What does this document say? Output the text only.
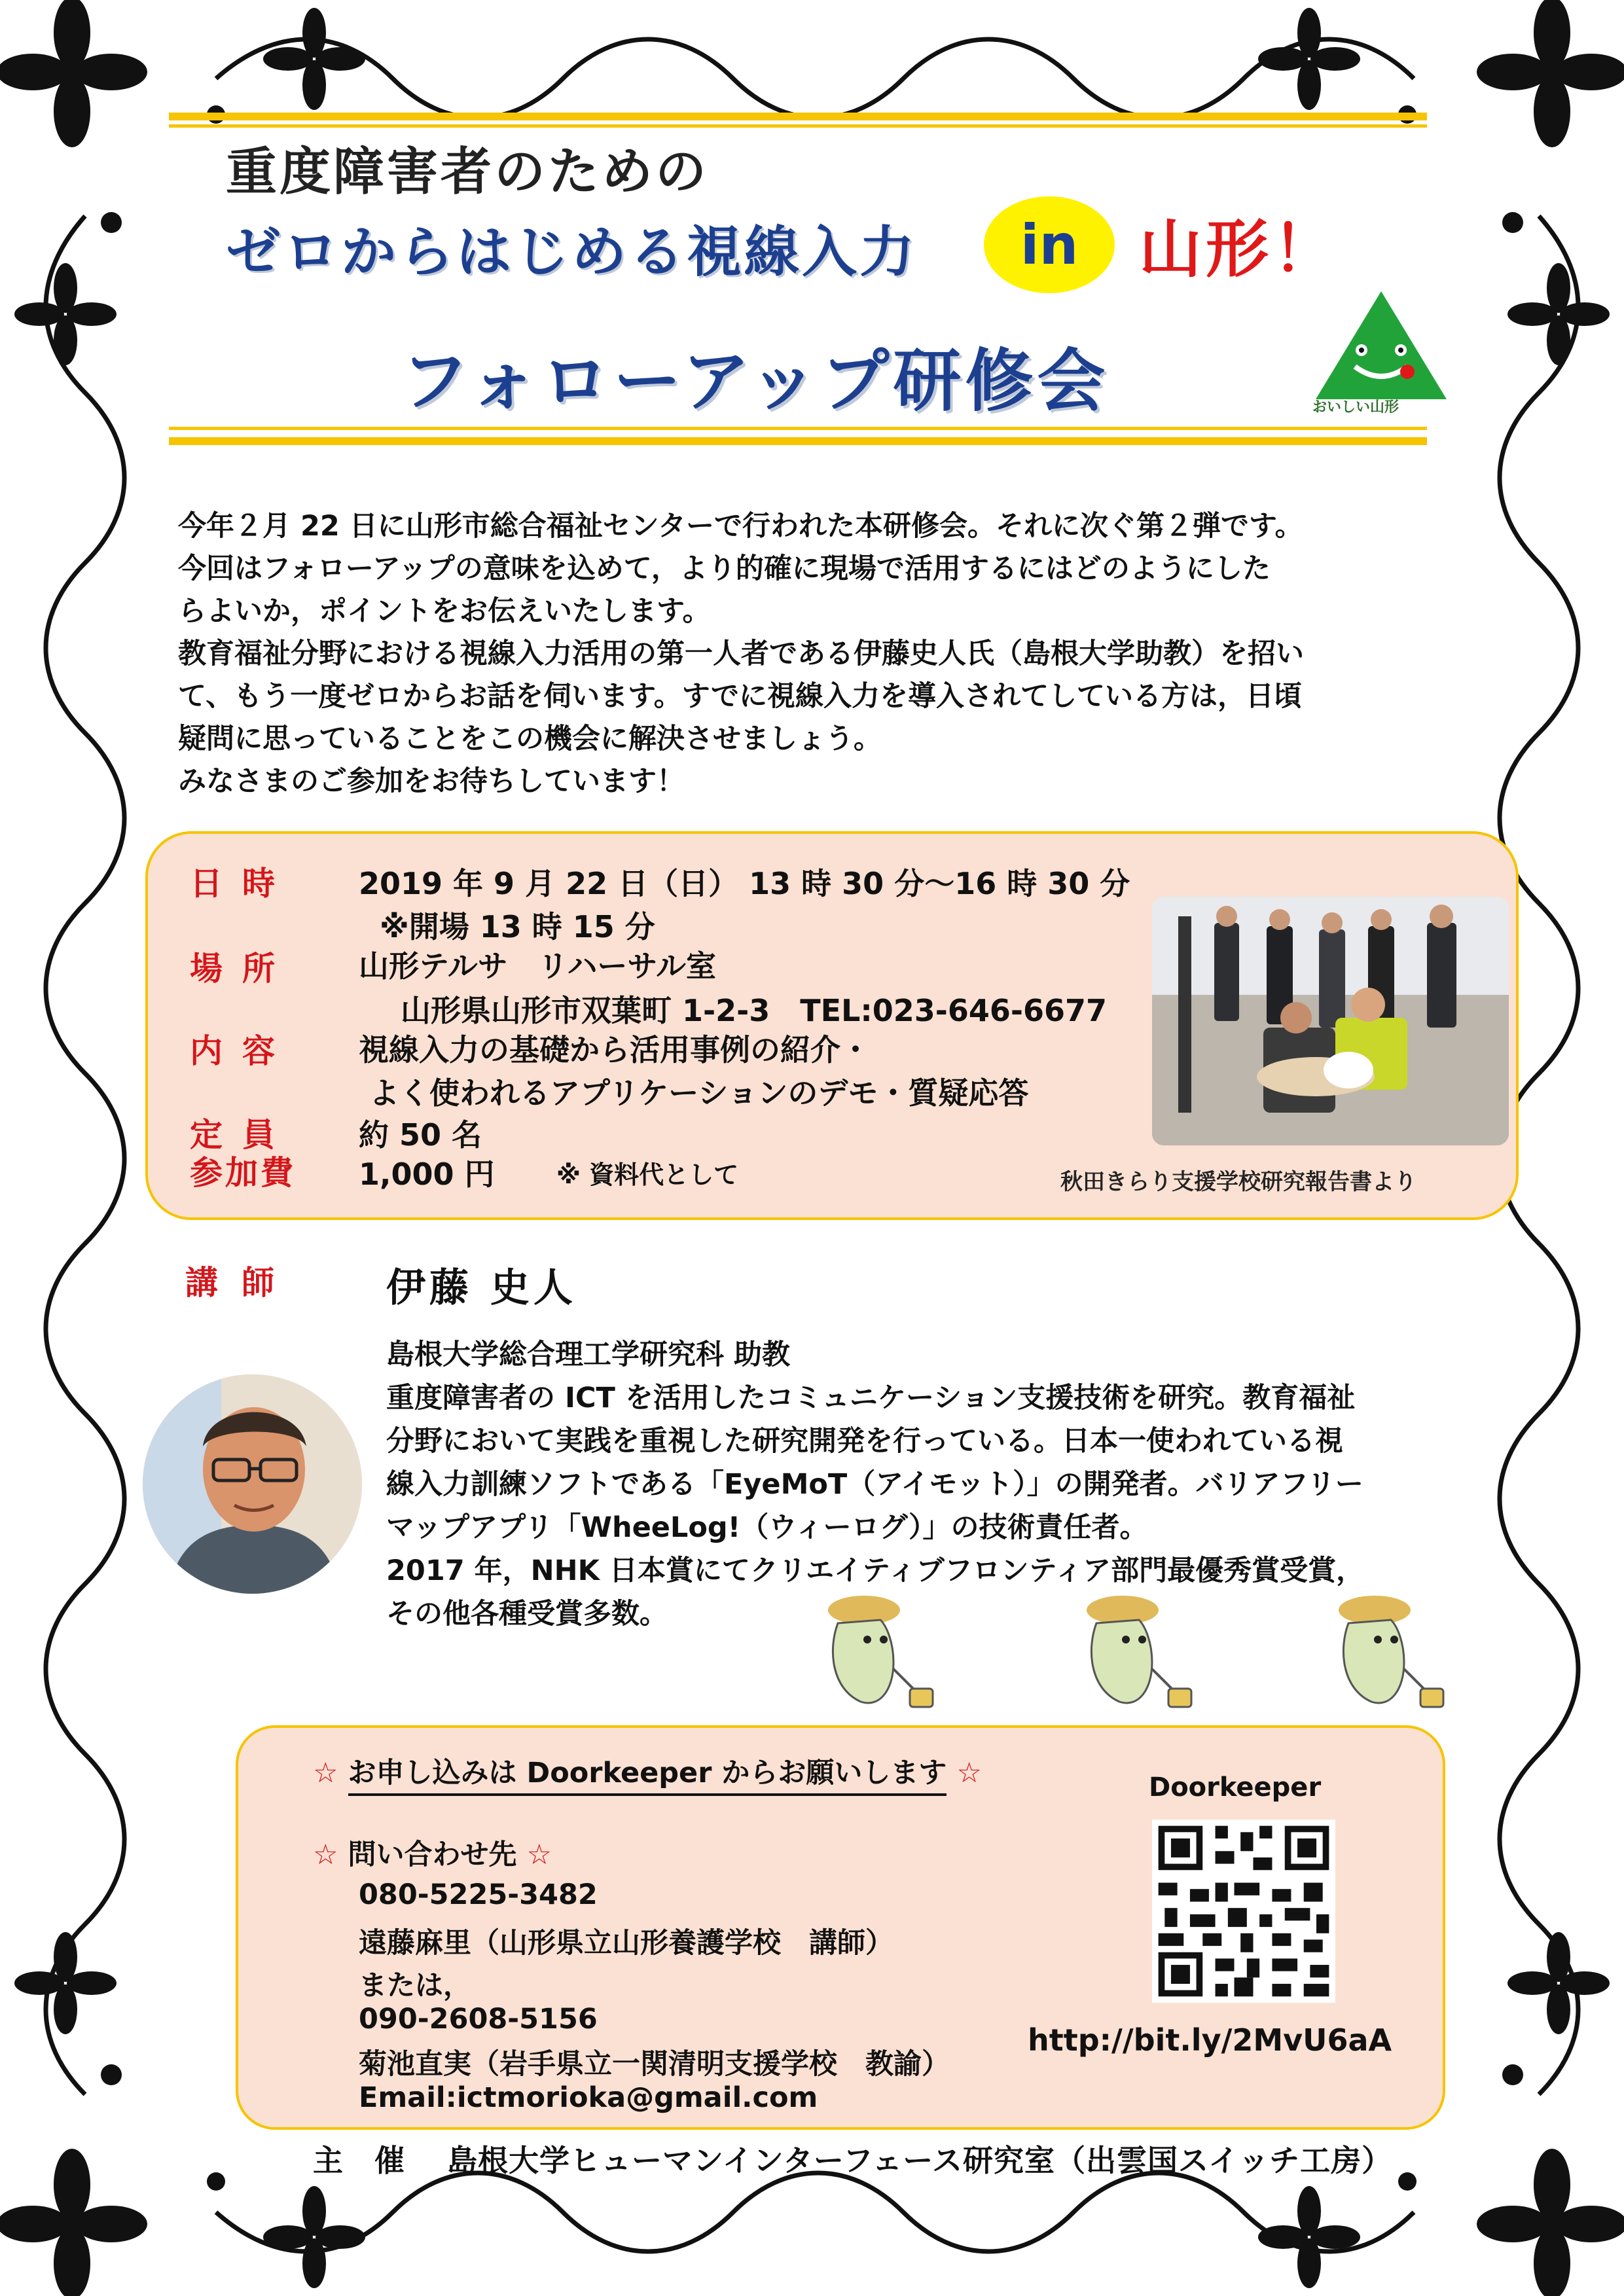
重度障害者のための
ゼロからはじめる視線入力 in 山形！
フォローアップ研修会	おいしい山形

今年２月 22 日に山形市総合福祉センターで行われた本研修会。それに次ぐ第２弾です。

今回はフォローアップの意味を込めて，より的確に現場で活用するにはどのようにした

らよいか，ポイントをお伝えいたします。

教育福祉分野における視線入力活用の第一人者である伊藤史人氏（島根大学助教）を招い

て、もう一度ゼロからお話を伺います。すでに視線入力を導入されてしている方は，日頃

疑問に思っていることをこの機会に解決させましょう。

みなさまのご参加をお待ちしています！

日時 2019 年 9 月 22 日（日） 13 時 30 分～16 時 30 分
※開場 13 時 15 分
場所 山形テルサ　リハーサル室
山形県山形市双葉町 1-2-3　TEL:023-646-6677
内容 視線入力の基礎から活用事例の紹介・
よく使われるアプリケーションのデモ・質疑応答
定員 約 50 名
参加費 1,000 円 ※ 資料代として	秋田きらり支援学校研究報告書より
講師 伊藤 史人

島根大学総合理工学研究科 助教

重度障害者の ICT を活用したコミュニケーション支援技術を研究。教育福祉

分野において実践を重視した研究開発を行っている。日本一使われている視

線入力訓練ソフトである「EyeMoT（アイモット）」の開発者。バリアフリー

マップアプリ「WheeLog!（ウィーログ）」の技術責任者。

2017 年，NHK 日本賞にてクリエイティブフロンティア部門最優秀賞受賞，

その他各種受賞多数。

☆ お申し込みは Doorkeeper からお願いします ☆
☆ 問い合わせ先 ☆
080-5225-3482
遠藤麻里（山形県立山形養護学校　講師）
または，
090-2608-5156
菊池直実（岩手県立一関清明支援学校　教諭）
Email:ictmorioka@gmail.com
Doorkeeper
http://bit.ly/2MvU6aA
主　催　 島根大学ヒューマンインターフェース研究室（出雲国スイッチ工房）
